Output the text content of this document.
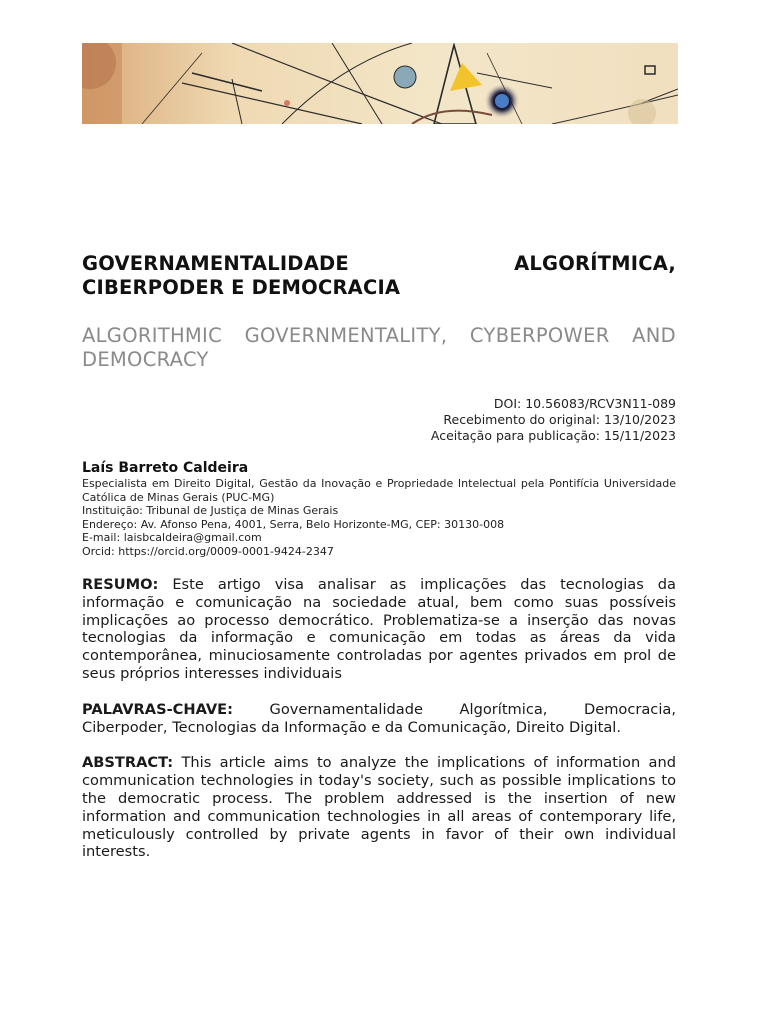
GOVERNAMENTALIDADE	ALGORÍTMICA,
CIBERPODER E DEMOCRACIA
ALGORITHMIC GOVERNMENTALITY, CYBERPOWER AND
DEMOCRACY
DOI: 10.56083/RCV3N11-089
Recebimento do original: 13/10/2023
Aceitação para publicação: 15/11/2023
Laís Barreto Caldeira
Especialista em Direito Digital, Gestão da Inovação e Propriedade Intelectual pela Pontifícia Universidade Católica de Minas Gerais (PUC-MG)
Instituição: Tribunal de Justiça de Minas Gerais
Endereço: Av. Afonso Pena, 4001, Serra, Belo Horizonte-MG, CEP: 30130-008
E-mail: laisbcaldeira@gmail.com
Orcid: https://orcid.org/0009-0001-9424-2347
RESUMO: Este artigo visa analisar as implicações das tecnologias da informação e comunicação na sociedade atual, bem como suas possíveis implicações ao processo democrático. Problematiza-se a inserção das novas tecnologias da informação e comunicação em todas as áreas da vida contemporânea, minuciosamente controladas por agentes privados em prol de seus próprios interesses individuais
PALAVRAS-CHAVE:	Governamentalidade	Algorítmica,	Democracia,
Ciberpoder, Tecnologias da Informação e da Comunicação, Direito Digital.
ABSTRACT: This article aims to analyze the implications of information and communication technologies in today's society, such as possible implications to the democratic process. The problem addressed is the insertion of new information and communication technologies in all areas of contemporary life, meticulously controlled by private agents in favor of their own individual interests.
